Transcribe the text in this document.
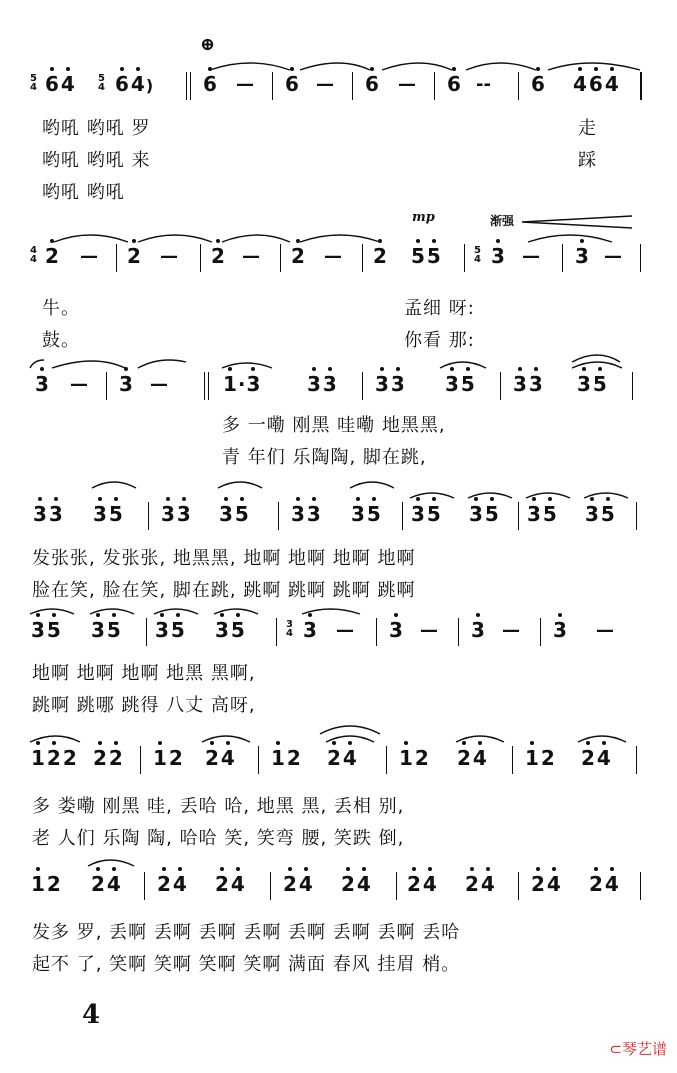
⊕
5
4 6 4 5
4 6 4) 6 — 6 — 6 — 6 -- 6 4 6 4
哟吼 哟吼 罗
哟吼 哟吼 来
哟吼 哟吼
走
踩
mp	渐强
4
4 2 — 2 — 2 — 2 — 2 5 5	5
4 3 — 3 —
牛。
鼓。
孟细 呀:
你看 那:
3 — 3 —	1·3 3 3 3 3 3 5 3 3 3 5
多 一嘞 刚黑 哇嘞 地黑黑,
青 年们 乐陶陶, 脚在跳,
3 3 3 5 3 3 3 5 3 3 3 5 3 5 3 5 3 5 3 5
发张张, 发张张, 地黑黑, 地啊 地啊 地啊 地啊
脸在笑, 脸在笑, 脚在跳, 跳啊 跳啊 跳啊 跳啊
3 5 3 5 3 5 3 5	3
4 3 — 3 — 3 — 3 —
地啊 地啊 地啊 地黑 黑啊,
跳啊 跳哪 跳得 八丈 高呀,
1 2 2 2 2 1 2 2 4 1 2 2 4 1 2 2 4 1 2 2 4
多 娄嘞 刚黑 哇, 丢哈 哈, 地黑 黑, 丢相 别,
老 人们 乐陶 陶, 哈哈 笑, 笑弯 腰, 笑跌 倒,
1 2 2 4 2 4 2 4 2 4 2 4 2 4 2 4 2 4 2 4
发多 罗, 丢啊 丢啊 丢啊 丢啊 丢啊 丢啊 丢啊 丢哈
起不 了, 笑啊 笑啊 笑啊 笑啊 满面 春风 挂眉 梢。
4
⊂琴艺谱
